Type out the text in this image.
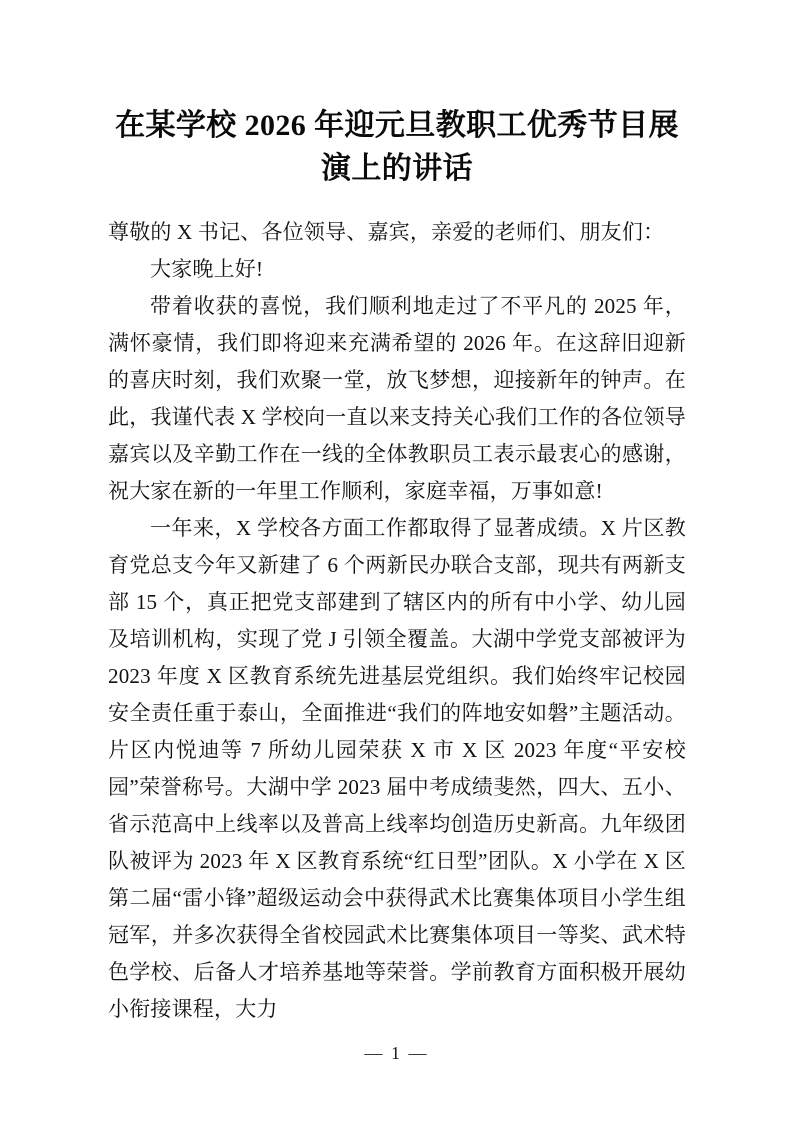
在某学校 2026 年迎元旦教职工优秀节目展演上的讲话

尊敬的 X 书记、各位领导、嘉宾，亲爱的老师们、朋友们：

大家晚上好!

带着收获的喜悦，我们顺利地走过了不平凡的 2025 年，满怀豪情，我们即将迎来充满希望的 2026 年。在这辞旧迎新的喜庆时刻，我们欢聚一堂，放飞梦想，迎接新年的钟声。在此，我谨代表 X 学校向一直以来支持关心我们工作的各位领导嘉宾以及辛勤工作在一线的全体教职员工表示最衷心的感谢，祝大家在新的一年里工作顺利，家庭幸福，万事如意!

一年来，X 学校各方面工作都取得了显著成绩。X 片区教育党总支今年又新建了 6 个两新民办联合支部，现共有两新支部 15 个，真正把党支部建到了辖区内的所有中小学、幼儿园及培训机构，实现了党 J 引领全覆盖。大湖中学党支部被评为 2023 年度 X 区教育系统先进基层党组织。我们始终牢记校园安全责任重于泰山，全面推进“我们的阵地安如磐”主题活动。片区内悦迪等 7 所幼儿园荣获 X 市 X 区 2023 年度“平安校园”荣誉称号。大湖中学 2023 届中考成绩斐然，四大、五小、省示范高中上线率以及普高上线率均创造历史新高。九年级团队被评为 2023 年 X 区教育系统“红日型”团队。X 小学在 X 区第二届“雷小锋”超级运动会中获得武术比赛集体项目小学生组冠军，并多次获得全省校园武术比赛集体项目一等奖、武术特色学校、后备人才培养基地等荣誉。学前教育方面积极开展幼小衔接课程，大力

— 1 —
